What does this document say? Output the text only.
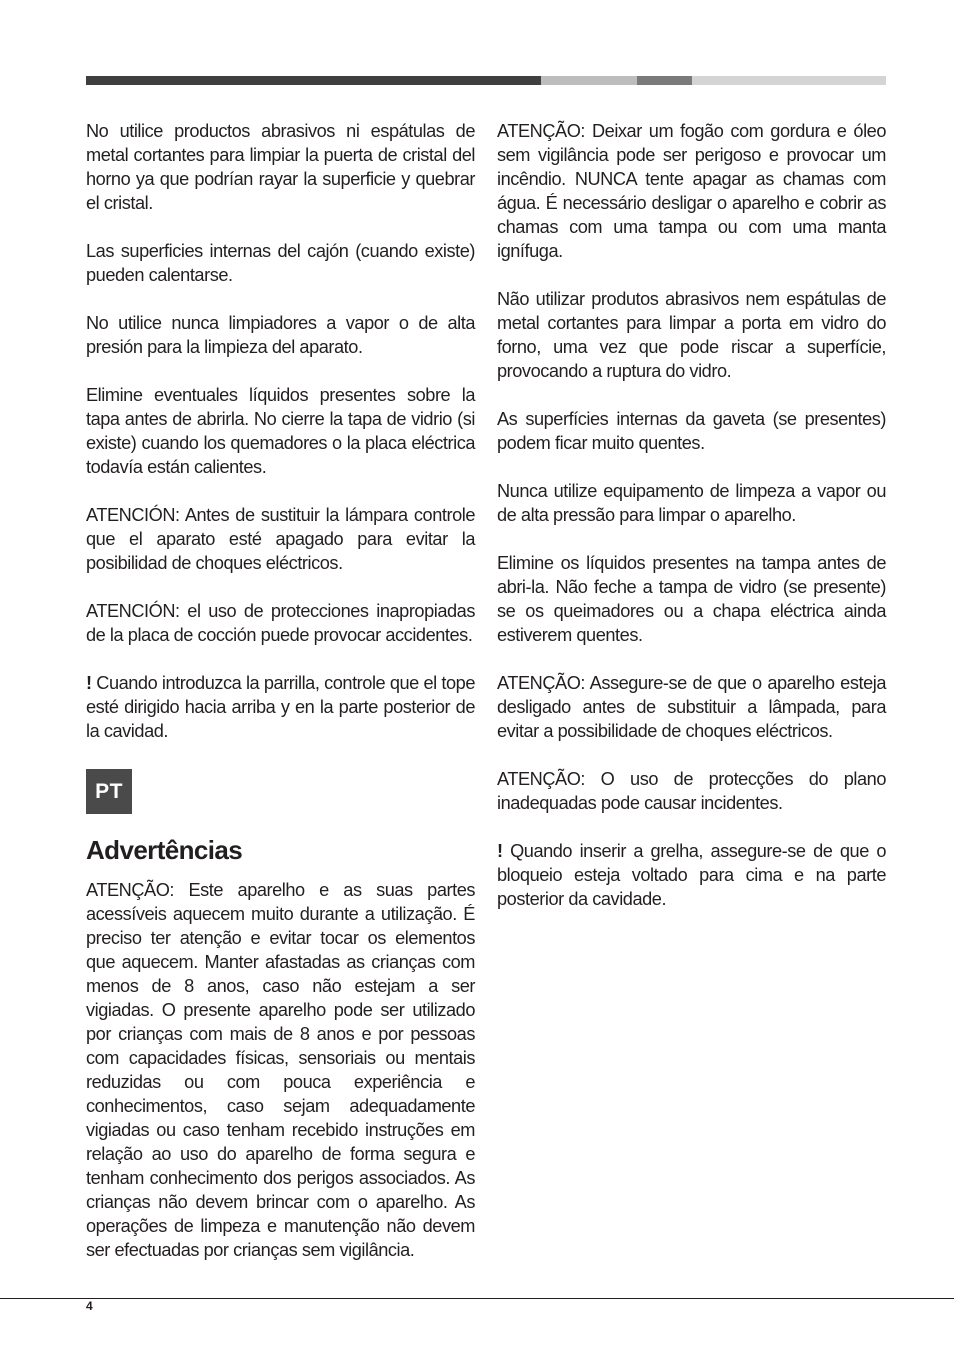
No utilice productos abrasivos ni espátulas de metal cortantes para limpiar la puerta de cristal del horno ya que podrían rayar la superficie y quebrar el cristal.

Las superficies internas del cajón (cuando existe) pueden calentarse.

No utilice nunca limpiadores a vapor o de alta presión para la limpieza del aparato.

Elimine eventuales líquidos presentes sobre la tapa antes de abrirla. No cierre la tapa de vidrio (si existe) cuando los quemadores o la placa eléctrica todavía están calientes.

ATENCIÓN: Antes de sustituir la lámpara controle que el aparato esté apagado para evitar la posibilidad de choques eléctricos.

ATENCIÓN: el uso de protecciones inapropiadas de la placa de cocción puede provocar accidentes.

! Cuando introduzca la parrilla, controle que el tope esté dirigido hacia arriba y en la parte posterior de la cavidad.

PT
Advertências

ATENÇÃO: Este aparelho e as suas partes acessíveis aquecem muito durante a utilização. É preciso ter atenção e evitar tocar os elementos que aquecem. Manter afastadas as crianças com menos de 8 anos, caso não estejam a ser vigiadas. O presente aparelho pode ser utilizado por crianças com mais de 8 anos e por pessoas com capacidades físicas, sensoriais ou mentais reduzidas ou com pouca experiência e conhecimentos, caso sejam adequadamente vigiadas ou caso tenham recebido instruções em relação ao uso do aparelho de forma segura e tenham conhecimento dos perigos associados. As crianças não devem brincar com o aparelho. As operações de limpeza e manutenção não devem ser efectuadas por crianças sem vigilância.

ATENÇÃO: Deixar um fogão com gordura e óleo sem vigilância pode ser perigoso e provocar um incêndio. NUNCA tente apagar as chamas com água. É necessário desligar o aparelho e cobrir as chamas com uma tampa ou com uma manta ignífuga.

Não utilizar produtos abrasivos nem espátulas de metal cortantes para limpar a porta em vidro do forno, uma vez que pode riscar a superfície, provocando a ruptura do vidro.

As superfícies internas da gaveta (se presentes) podem ficar muito quentes.

Nunca utilize equipamento de limpeza a vapor ou de alta pressão para limpar o aparelho.

Elimine os líquidos presentes na tampa antes de abri-la. Não feche a tampa de vidro (se presente) se os queimadores ou a chapa eléctrica ainda estiverem quentes.

ATENÇÃO: Assegure-se de que o aparelho esteja desligado antes de substituir a lâmpada, para evitar a possibilidade de choques eléctricos.

ATENÇÃO: O uso de protecções do plano inadequadas pode causar incidentes.

! Quando inserir a grelha, assegure-se de que o bloqueio esteja voltado para cima e na parte posterior da cavidade.

4
